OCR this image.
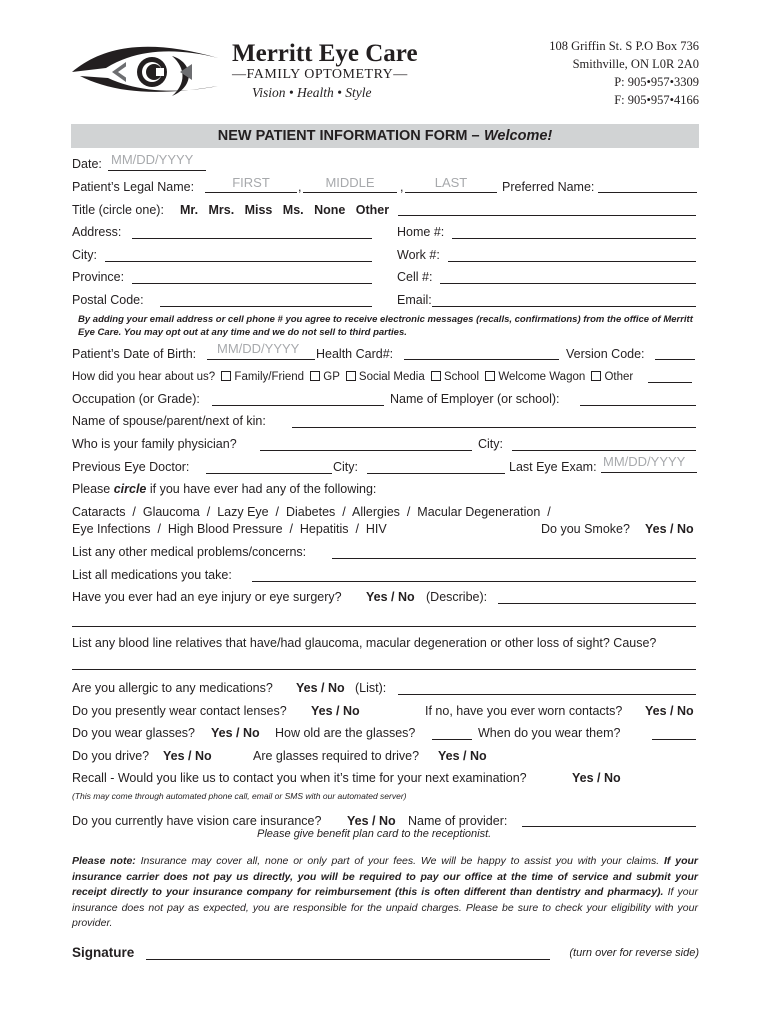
Merritt Eye Care
—FAMILY OPTOMETRY—
Vision • Health • Style
108 Griffin St. S P.O Box 736
Smithville, ON L0R 2A0
P: 905•957•3309
F: 905•957•4166
NEW PATIENT INFORMATION FORM – Welcome!
Date: MM/DD/YYYY
Patient’s Legal Name:	FIRST	,	MIDDLE	,	LAST	Preferred Name:
Title (circle one): Mr.   Mrs.   Miss   Ms.   None   Other
Address:	Home #:
City:	Work #:
Province:	Cell #:
Postal Code:	Email:
By adding your email address or cell phone # you agree to receive electronic messages (recalls, confirmations) from the office of Merritt Eye Care. You may opt out at any time and we do not sell to third parties.
Patient’s Date of Birth: MM/DD/YYYY Health Card#:	Version Code:
How did you hear about us? Family/Friend GP Social Media School Welcome Wagon Other
Occupation (or Grade):	Name of Employer (or school):
Name of spouse/parent/next of kin:
Who is your family physician?	City:
Previous Eye Doctor:	City:	Last Eye Exam: MM/DD/YYYY
Please circle if you have ever had any of the following:
Cataracts  /  Glaucoma  /  Lazy Eye  /  Diabetes  /  Allergies  /  Macular Degeneration  /
Eye Infections  /  High Blood Pressure  /  Hepatitis  /  HIV	Do you Smoke? Yes / No
List any other medical problems/concerns:
List all medications you take:
Have you ever had an eye injury or eye surgery? Yes / No (Describe):
List any blood line relatives that have/had glaucoma, macular degeneration or other loss of sight? Cause?
Are you allergic to any medications? Yes / No (List):
Do you presently wear contact lenses? Yes / No	If no, have you ever worn contacts? Yes / No
Do you wear glasses? Yes / No How old are the glasses?	When do you wear them?
Do you drive? Yes / No	Are glasses required to drive? Yes / No
Recall - Would you like us to contact you when it’s time for your next examination?	Yes / No
(This may come through automated phone call, email or SMS with our automated server)
Do you currently have vision care insurance? Yes / No Name of provider:
Please give benefit plan card to the receptionist.
Please note: Insurance may cover all, none or only part of your fees. We will be happy to assist you with your claims. If your insurance carrier does not pay us directly, you will be required to pay our office at the time of service and submit your receipt directly to your insurance company for reimbursement (this is often different than dentistry and pharmacy). If your insurance does not pay as expected, you are responsible for the unpaid charges. Please be sure to check your eligibility with your provider.
Signature	(turn over for reverse side)
